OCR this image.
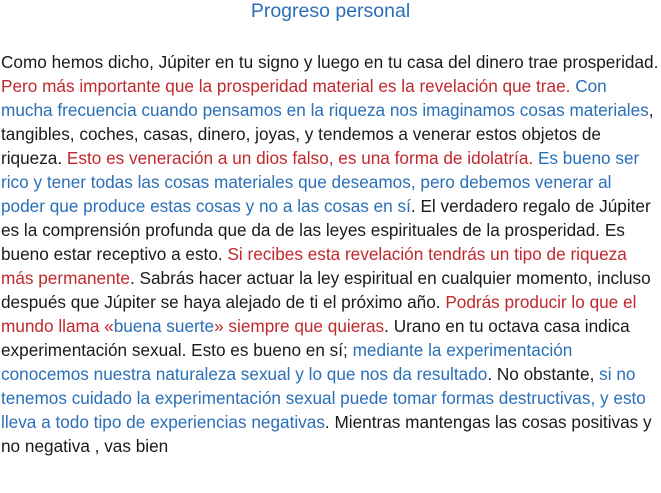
Progreso personal
Como hemos dicho, Júpiter en tu signo y luego en tu casa del dinero trae prosperidad. Pero más importante que la prosperidad material es la revelación que trae. Con mucha frecuencia cuando pensamos en la riqueza nos imaginamos cosas materiales, tangibles, coches, casas, dinero, joyas, y tendemos a venerar estos objetos de riqueza. Esto es veneración a un dios falso, es una forma de idolatría. Es bueno ser rico y tener todas las cosas materiales que deseamos, pero debemos venerar al poder que produce estas cosas y no a las cosas en sí. El verdadero regalo de Júpiter es la comprensión profunda que da de las leyes espirituales de la prosperidad. Es bueno estar receptivo a esto. Si recibes esta revelación tendrás un tipo de riqueza más permanente. Sabrás hacer actuar la ley espiritual en cualquier momento, incluso después que Júpiter se haya alejado de ti el próximo año. Podrás producir lo que el mundo llama «buena suerte» siempre que quieras. Urano en tu octava casa indica experimentación sexual. Esto es bueno en sí; mediante la experimentación conocemos nuestra naturaleza sexual y lo que nos da resultado. No obstante, si no tenemos cuidado la experimentación sexual puede tomar formas destructivas, y esto lleva a todo tipo de experiencias negativas. Mientras mantengas las cosas positivas y no negativa , vas bien
